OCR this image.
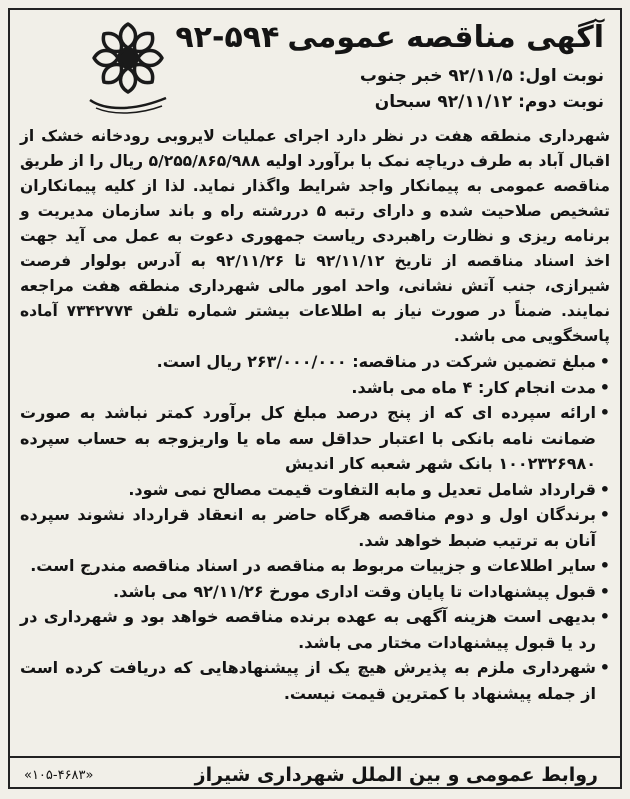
آگهی مناقصه عمومی۵۹۴-۹۲
نوبت اول:۹۲/۱۱/۵ خبر جنوب
نوبت دوم:۹۲/۱۱/۱۲ سبحان

شهرداری منطقه هفت در نظر دارد اجرای عملیات لایروبی رودخانه خشک از اقبال آباد به طرف دریاچه نمک با برآورد اولیه ۵/۲۵۵/۸۶۵/۹۸۸ ریال را از طریق مناقصه عمومی به پیمانکار واجد شرایط واگذار نماید. لذا از کلیه پیمانکاران تشخیص صلاحیت شده و دارای رتبه ۵ دررشته راه و باند سازمان مدیریت و برنامه ریزی و نظارت راهبردی ریاست جمهوری دعوت به عمل می آید جهت اخذ اسناد مناقصه از تاریخ ۹۲/۱۱/۱۲ تا ۹۲/۱۱/۲۶ به آدرس بولوار فرصت شیرازی، جنب آتش نشانی، واحد امور مالی شهرداری منطقه هفت مراجعه نمایند. ضمناً در صورت نیاز به اطلاعات بیشتر شماره تلفن ۷۳۴۲۷۷۴ آماده پاسخگویی می باشد.

• مبلغ تضمین شرکت در مناقصه: ۲۶۳/۰۰۰/۰۰۰ ریال است.
• مدت انجام کار: ۴ ماه می باشد.
• ارائه سپرده ای که از پنج درصد مبلغ کل برآورد کمتر نباشد به صورت ضمانت نامه بانکی با اعتبار حداقل سه ماه یا واریزوجه به حساب سپرده ۱۰۰۲۳۲۶۹۸۰ بانک شهر شعبه کار اندیش
• قرارداد شامل تعدیل و مابه التفاوت قیمت مصالح نمی شود.
• برندگان اول و دوم مناقصه هرگاه حاضر به انعقاد قرارداد نشوند سپرده آنان به ترتیب ضبط خواهد شد.
• سایر اطلاعات و جزییات مربوط به مناقصه در اسناد مناقصه مندرج است.
• قبول پیشنهادات تا پایان وقت اداری مورخ ۹۲/۱۱/۲۶ می باشد.
• بدیهی است هزینه آگهی به عهده برنده مناقصه خواهد بود و شهرداری در رد یا قبول پیشنهادات مختار می باشد.
• شهرداری ملزم به پذیرش هیچ یک از پیشنهادهایی که دریافت کرده است از جمله پیشنهاد با کمترین قیمت نیست.
روابط عمومی و بین الملل شهرداری شیراز
«۱۰۵-۴۶۸۳»
